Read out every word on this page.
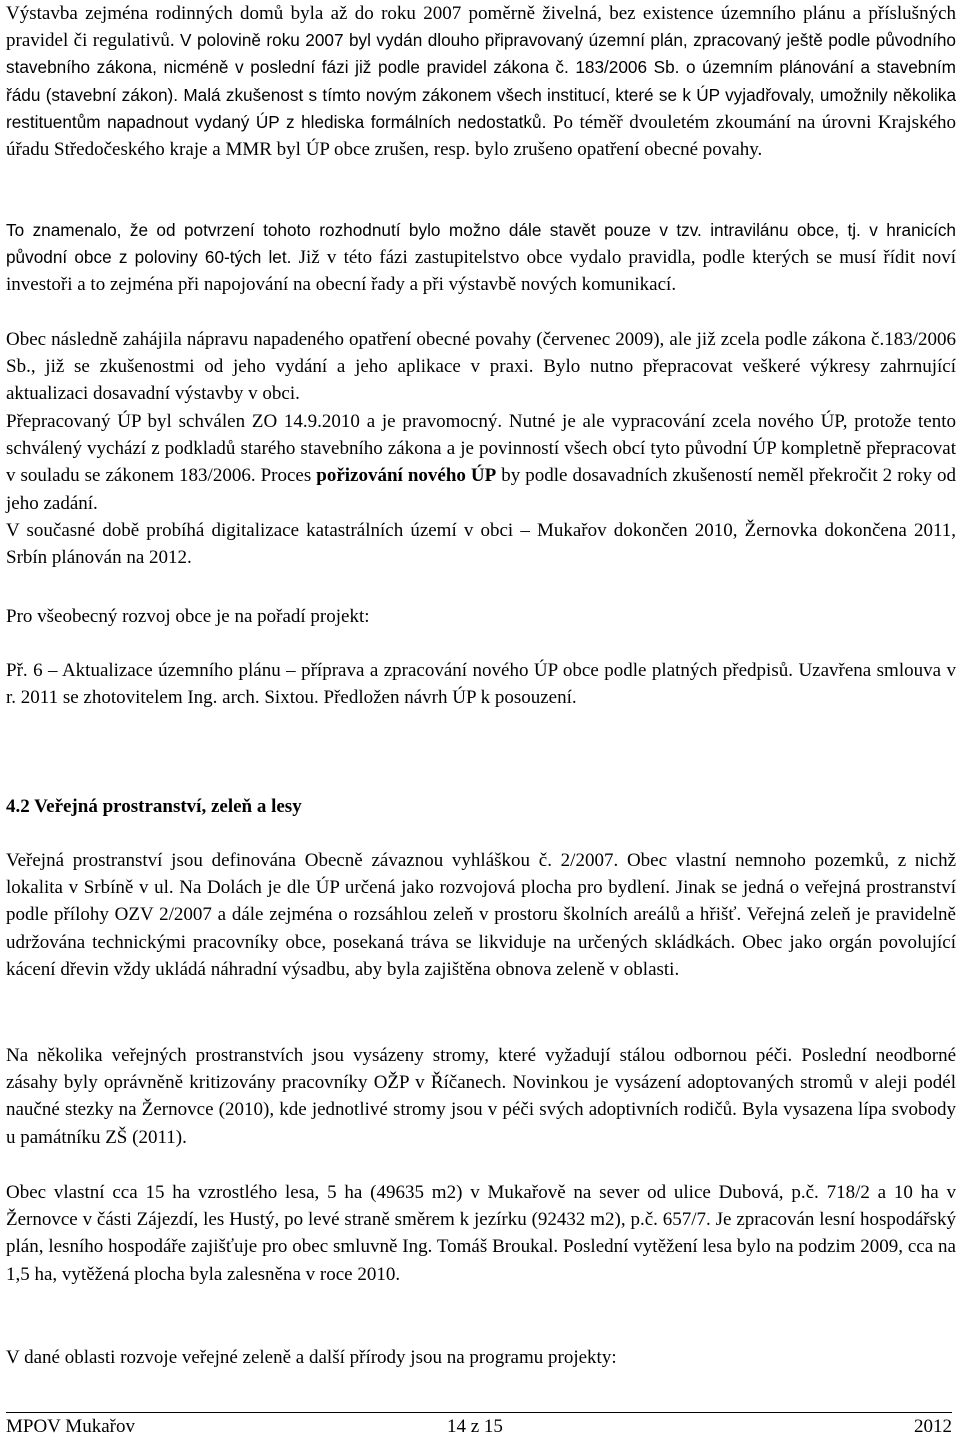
Výstavba zejména rodinných domů byla až do roku 2007 poměrně živelná, bez existence územního plánu a příslušných pravidel či regulativů. V polovině roku 2007 byl vydán dlouho připravovaný územní plán, zpracovaný ještě podle původního stavebního zákona, nicméně v poslední fázi již podle pravidel zákona č. 183/2006 Sb. o územním plánování a stavebním řádu (stavební zákon). Malá zkušenost s tímto novým zákonem všech institucí, které se k ÚP vyjadřovaly, umožnily několika restituentům napadnout vydaný ÚP z hlediska formálních nedostatků. Po téměř dvouletém zkoumání na úrovni Krajského úřadu Středočeského kraje a MMR byl ÚP obce zrušen, resp. bylo zrušeno opatření obecné povahy.

To znamenalo, že od potvrzení tohoto rozhodnutí bylo možno dále stavět pouze v tzv. intravilánu obce, tj. v hranicích původní obce z poloviny 60-tých let. Již v této fázi zastupitelstvo obce vydalo pravidla, podle kterých se musí řídit noví investoři a to zejména při napojování na obecní řady a při výstavbě nových komunikací.

Obec následně zahájila nápravu napadeného opatření obecné povahy (červenec 2009), ale již zcela podle zákona č.183/2006 Sb., již se zkušenostmi od jeho vydání a jeho aplikace v praxi. Bylo nutno přepracovat veškeré výkresy zahrnující aktualizaci dosavadní výstavby v obci.

Přepracovaný ÚP byl schválen ZO 14.9.2010 a je pravomocný. Nutné je ale vypracování zcela nového ÚP, protože tento schválený vychází z podkladů starého stavebního zákona a je povinností všech obcí tyto původní ÚP kompletně přepracovat v souladu se zákonem 183/2006. Proces pořizování nového ÚP by podle dosavadních zkušeností neměl překročit 2 roky od jeho zadání.

V současné době probíhá digitalizace katastrálních území v obci – Mukařov dokončen 2010, Žernovka dokončena 2011, Srbín plánován na 2012.

Pro všeobecný rozvoj obce je na pořadí projekt:

Př. 6 – Aktualizace územního plánu – příprava a zpracování nového ÚP obce podle platných předpisů. Uzavřena smlouva v r. 2011 se zhotovitelem Ing. arch. Sixtou. Předložen návrh ÚP k posouzení.

4.2 Veřejná prostranství, zeleň a lesy

Veřejná prostranství jsou definována Obecně závaznou vyhláškou č. 2/2007. Obec vlastní nemnoho pozemků, z nichž lokalita v Srbíně v ul. Na Dolách je dle ÚP určená jako rozvojová plocha pro bydlení. Jinak se jedná o veřejná prostranství podle přílohy OZV 2/2007 a dále zejména o rozsáhlou zeleň v prostoru školních areálů a hřišť. Veřejná zeleň je pravidelně udržována technickými pracovníky obce, posekaná tráva se likviduje na určených skládkách. Obec jako orgán povolující kácení dřevin vždy ukládá náhradní výsadbu, aby byla zajištěna obnova zeleně v oblasti.

Na několika veřejných prostranstvích jsou vysázeny stromy, které vyžadují stálou odbornou péči. Poslední neodborné zásahy byly oprávněně kritizovány pracovníky OŽP v Říčanech. Novinkou je vysázení adoptovaných stromů v aleji podél naučné stezky na Žernovce (2010), kde jednotlivé stromy jsou v péči svých adoptivních rodičů. Byla vysazena lípa svobody u památníku ZŠ (2011).

Obec vlastní cca 15 ha vzrostlého lesa, 5 ha (49635 m2) v Mukařově na sever od ulice Dubová, p.č. 718/2 a 10 ha v Žernovce v části Zájezdí, les Hustý, po levé straně směrem k jezírku (92432 m2), p.č. 657/7. Je zpracován lesní hospodářský plán, lesního hospodáře zajišťuje pro obec smluvně Ing. Tomáš Broukal. Poslední vytěžení lesa bylo na podzim 2009, cca na 1,5 ha, vytěžená plocha byla zalesněna v roce 2010.

V dané oblasti rozvoje veřejné zeleně a další přírody jsou na programu projekty:

MPOV Mukařov	14 z 15	2012
